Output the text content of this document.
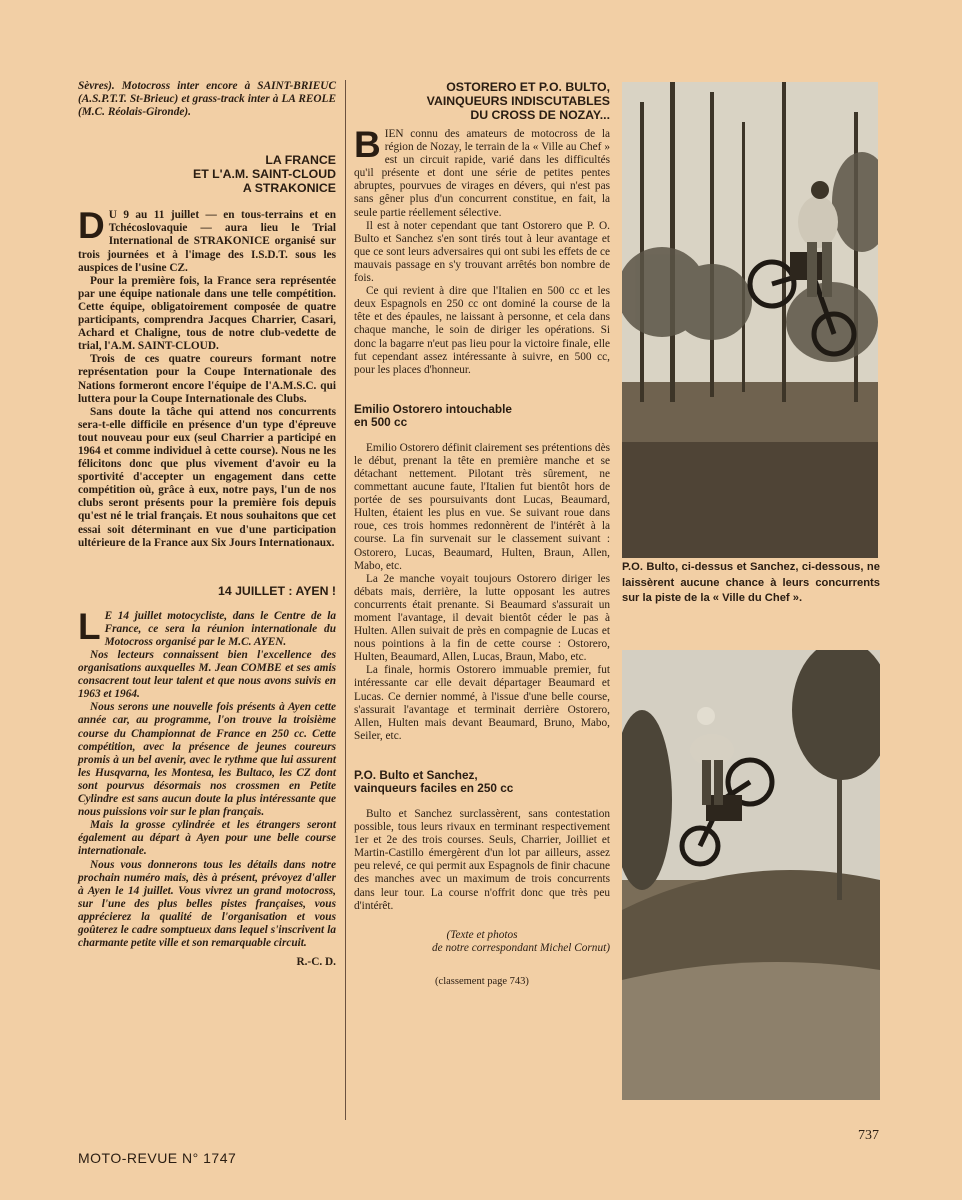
Sèvres). Motocross inter encore à SAINT-BRIEUC (A.S.P.T.T. St-Brieuc) et grass-track inter à LA REOLE (M.C. Réolais-Gironde).

LA FRANCE

ET L'A.M. SAINT-CLOUD

A STRAKONICE

D U 9 au 11 juillet — en tous-terrains et en Tchécoslovaquie — aura lieu le Trial International de STRAKONICE organisé sur trois journées et à l'image des I.S.D.T. sous les auspices de l'usine CZ.

Pour la première fois, la France sera représentée par une équipe nationale dans une telle compétition. Cette équipe, obligatoirement composée de quatre participants, comprendra Jacques Charrier, Casari, Achard et Chaligne, tous de notre club-vedette de trial, l'A.M. SAINT-CLOUD.

Trois de ces quatre coureurs formant notre représentation pour la Coupe Internationale des Nations formeront encore l'équipe de l'A.M.S.C. qui luttera pour la Coupe Internationale des Clubs.

Sans doute la tâche qui attend nos concurrents sera-t-elle difficile en présence d'un type d'épreuve tout nouveau pour eux (seul Charrier a participé en 1964 et comme individuel à cette course). Nous ne les félicitons donc que plus vivement d'avoir eu la sportivité d'accepter un engagement dans cette compétition où, grâce à eux, notre pays, l'un de nos clubs seront présents pour la première fois depuis qu'est né le trial français. Et nous souhaitons que cet essai soit déterminant en vue d'une participation ultérieure de la France aux Six Jours Internationaux.

14 JUILLET : AYEN !

L E 14 juillet motocycliste, dans le Centre de la France, ce sera la réunion internationale du Motocross organisé par le M.C. AYEN.

Nos lecteurs connaissent bien l'excellence des organisations auxquelles M. Jean COMBE et ses amis consacrent tout leur talent et que nous avons suivis en 1963 et 1964.

Nous serons une nouvelle fois présents à Ayen cette année car, au programme, l'on trouve la troisième course du Championnat de France en 250 cc. Cette compétition, avec la présence de jeunes coureurs promis à un bel avenir, avec le rythme que lui assurent les Husqvarna, les Montesa, les Bultaco, les CZ dont sont pourvus désormais nos crossmen en Petite Cylindre est sans aucun doute la plus intéressante que nous puissions voir sur le plan français.

Mais la grosse cylindrée et les étrangers seront également au départ à Ayen pour une belle course internationale.

Nous vous donnerons tous les détails dans notre prochain numéro mais, dès à présent, prévoyez d'aller à Ayen le 14 juillet. Vous vivrez un grand motocross, sur l'une des plus belles pistes françaises, vous apprécierez la qualité de l'organisation et vous goûterez le cadre somptueux dans lequel s'inscrivent la charmante petite ville et son remarquable circuit.

R.-C. D.

OSTORERO ET P.O. BULTO,

VAINQUEURS INDISCUTABLES

DU CROSS DE NOZAY...

BIEN connu des amateurs de motocross de la région de Nozay, le terrain de la « Ville au Chef » est un circuit rapide, varié dans les difficultés qu'il présente et dont une série de petites pentes abruptes, pourvues de virages en dévers, qui n'est pas sans gêner plus d'un concurrent constitue, en fait, la seule partie réellement sélective.

Il est à noter cependant que tant Ostorero que P. O. Bulto et Sanchez s'en sont tirés tout à leur avantage et que ce sont leurs adversaires qui ont subi les effets de ce mauvais passage en s'y trouvant arrêtés bon nombre de fois.

Ce qui revient à dire que l'Italien en 500 cc et les deux Espagnols en 250 cc ont dominé la course de la tête et des épaules, ne laissant à personne, et cela dans chaque manche, le soin de diriger les opérations. Si donc la bagarre n'eut pas lieu pour la victoire finale, elle fut cependant assez intéressante à suivre, en 500 cc, pour les places d'honneur.

Emilio Ostorero intouchable

en 500 cc

Emilio Ostorero définit clairement ses prétentions dès le début, prenant la tête en première manche et se détachant nettement. Pilotant très sûrement, ne commettant aucune faute, l'Italien fut bientôt hors de portée de ses poursuivants dont Lucas, Beaumard, Hulten, étaient les plus en vue. Se suivant roue dans roue, ces trois hommes redonnèrent de l'intérêt à la course. La fin survenait sur le classement suivant : Ostorero, Lucas, Beaumard, Hulten, Braun, Allen, Mabo, etc.

La 2e manche voyait toujours Ostorero diriger les débats mais, derrière, la lutte opposant les autres concurrents était prenante. Si Beaumard s'assurait un moment l'avantage, il devait bientôt céder le pas à Hulten. Allen suivait de près en compagnie de Lucas et nous pointions à la fin de cette course : Ostorero, Hulten, Beaumard, Allen, Lucas, Braun, Mabo, etc.

La finale, hormis Ostorero immuable premier, fut intéressante car elle devait départager Beaumard et Lucas. Ce dernier nommé, à l'issue d'une belle course, s'assurait l'avantage et terminait derrière Ostorero, Allen, Hulten mais devant Beaumard, Bruno, Mabo, Seiler, etc.

P.O. Bulto et Sanchez,

vainqueurs faciles en 250 cc

Bulto et Sanchez surclassèrent, sans contestation possible, tous leurs rivaux en terminant respectivement 1er et 2e des trois courses. Seuls, Charrier, Joilliet et Martin-Castillo émergèrent d'un lot par ailleurs, assez peu relevé, ce qui permit aux Espagnols de finir chacune des manches avec un maximum de trois concurrents dans leur tour. La course n'offrit donc que très peu d'intérêt.

(Texte et photos

de notre correspondant Michel Cornut)

(classement page 743)

P.O. Bulto, ci-dessus et Sanchez, ci-dessous, ne laissèrent aucune chance à leurs concurrents sur la piste de la « Ville du Chef ».

MOTO-REVUE N° 1747
737
